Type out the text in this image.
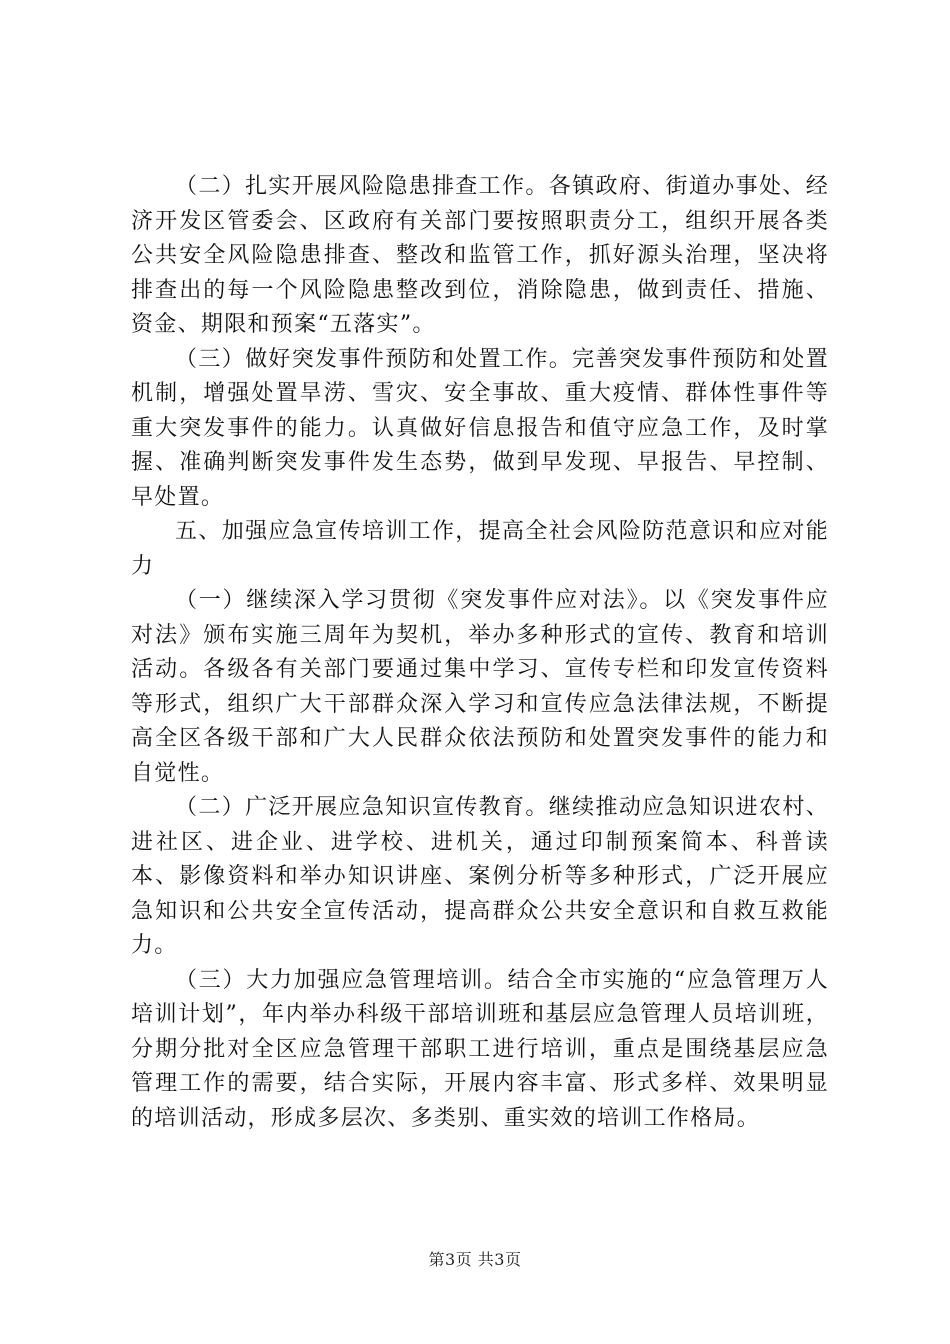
（二）扎实开展风险隐患排查工作。各镇政府、街道办事处、经济开发区管委会、区政府有关部门要按照职责分工，组织开展各类公共安全风险隐患排查、整改和监管工作，抓好源头治理，坚决将排查出的每一个风险隐患整改到位，消除隐患，做到责任、措施、资金、期限和预案“五落实”。

（三）做好突发事件预防和处置工作。完善突发事件预防和处置机制，增强处置旱涝、雪灾、安全事故、重大疫情、群体性事件等重大突发事件的能力。认真做好信息报告和值守应急工作，及时掌握、准确判断突发事件发生态势，做到早发现、早报告、早控制、早处置。

五、加强应急宣传培训工作，提高全社会风险防范意识和应对能力

（一）继续深入学习贯彻《突发事件应对法》。以《突发事件应对法》颁布实施三周年为契机，举办多种形式的宣传、教育和培训活动。各级各有关部门要通过集中学习、宣传专栏和印发宣传资料等形式，组织广大干部群众深入学习和宣传应急法律法规，不断提高全区各级干部和广大人民群众依法预防和处置突发事件的能力和自觉性。

（二）广泛开展应急知识宣传教育。继续推动应急知识进农村、进社区、进企业、进学校、进机关，通过印制预案简本、科普读本、影像资料和举办知识讲座、案例分析等多种形式，广泛开展应急知识和公共安全宣传活动，提高群众公共安全意识和自救互救能力。

（三）大力加强应急管理培训。结合全市实施的“应急管理万人培训计划”，年内举办科级干部培训班和基层应急管理人员培训班，分期分批对全区应急管理干部职工进行培训，重点是围绕基层应急管理工作的需要，结合实际，开展内容丰富、形式多样、效果明显的培训活动，形成多层次、多类别、重实效的培训工作格局。

第3页 共3页
